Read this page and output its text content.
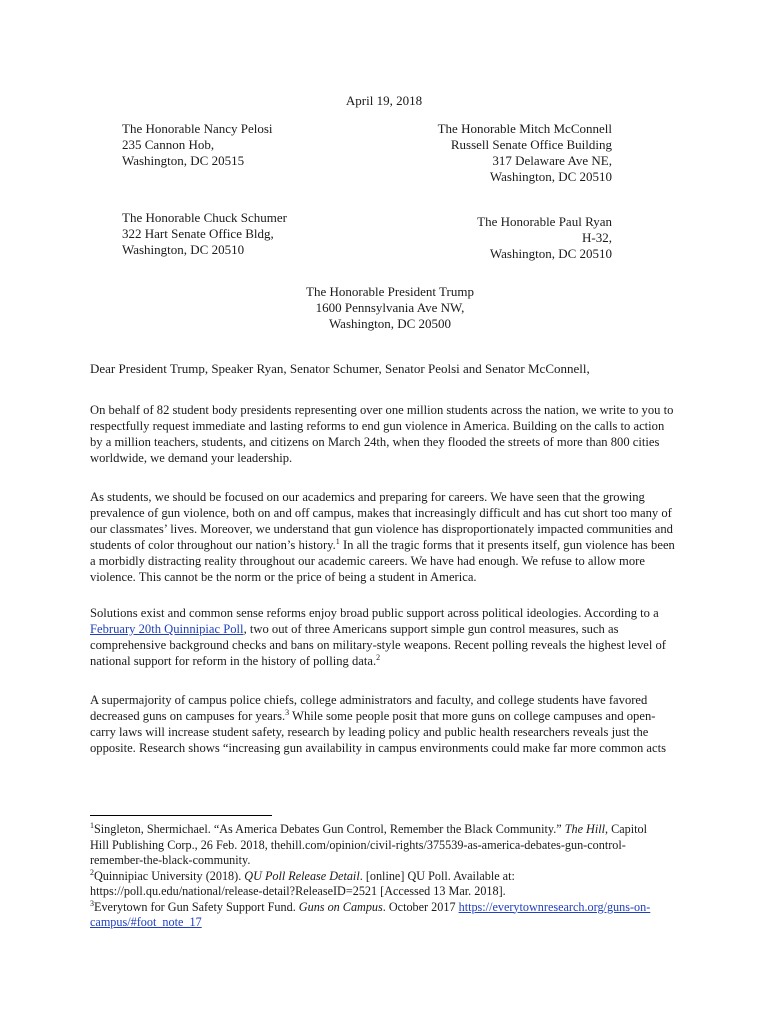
April 19, 2018

The Honorable Nancy Pelosi
235 Cannon Hob,
Washington, DC 20515
The Honorable Mitch McConnell
Russell Senate Office Building
317 Delaware Ave NE,
Washington, DC 20510
The Honorable Chuck Schumer
322 Hart Senate Office Bldg,
Washington, DC 20510
The Honorable Paul Ryan
H-32,
Washington, DC 20510
The Honorable President Trump
1600 Pennsylvania Ave NW,
Washington, DC 20500

Dear President Trump, Speaker Ryan, Senator Schumer, Senator Peolsi and Senator McConnell,

On behalf of 82 student body presidents representing over one million students across the nation, we write to you to
respectfully request immediate and lasting reforms to end gun violence in America. Building on the calls to action
by a million teachers, students, and citizens on March 24th, when they flooded the streets of more than 800 cities
worldwide, we demand your leadership.
As students, we should be focused on our academics and preparing for careers. We have seen that the growing
prevalence of gun violence, both on and off campus, makes that increasingly difficult and has cut short too many of
our classmates’ lives. Moreover, we understand that gun violence has disproportionately impacted communities and
students of color throughout our nation’s history.$^1$ In all the tragic forms that it presents itself, gun violence has been
a morbidly distracting reality throughout our academic careers. We have had enough. We refuse to allow more
violence. This cannot be the norm or the price of being a student in America.
Solutions exist and common sense reforms enjoy broad public support across political ideologies. According to a
February 20th Quinnipiac Poll, two out of three Americans support simple gun control measures, such as
comprehensive background checks and bans on military-style weapons. Recent polling reveals the highest level of
national support for reform in the history of polling data.$^2$
A supermajority of campus police chiefs, college administrators and faculty, and college students have favored
decreased guns on campuses for years.$^3$ While some people posit that more guns on college campuses and open-
carry laws will increase student safety, research by leading policy and public health researchers reveals just the
opposite. Research shows “increasing gun availability in campus environments could make far more common acts
$^1$Singleton, Shermichael. “As America Debates Gun Control, Remember the Black Community.” The Hill, Capitol
Hill Publishing Corp., 26 Feb. 2018, thehill.com/opinion/civil-rights/375539-as-america-debates-gun-control-
remember-the-black-community.
$^2$Quinnipiac University (2018). QU Poll Release Detail. [online] QU Poll. Available at:
https://poll.qu.edu/national/release-detail?ReleaseID=2521 [Accessed 13 Mar. 2018].
$^3$Everytown for Gun Safety Support Fund. Guns on Campus. October 2017 https://everytownresearch.org/guns-on-
campus/#foot_note_17
